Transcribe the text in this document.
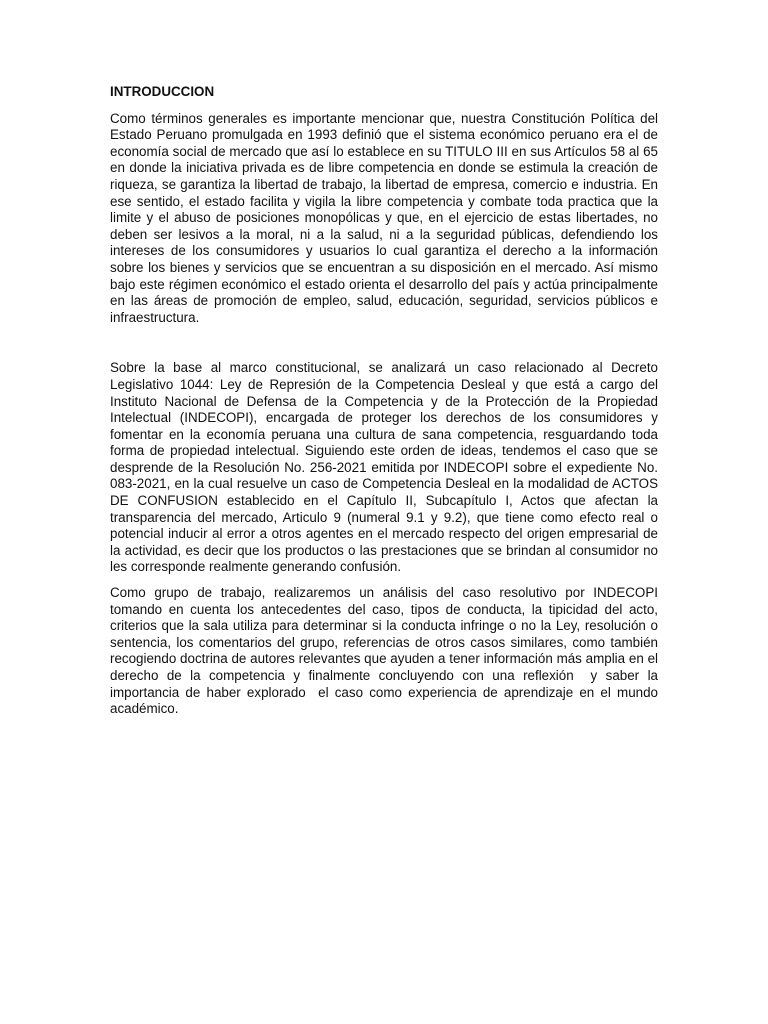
INTRODUCCION

Como términos generales es importante mencionar que, nuestra Constitución Política del Estado Peruano promulgada en 1993 definió que el sistema económico peruano era el de economía social de mercado que así lo establece en su TITULO III en sus Artículos 58 al 65 en donde la iniciativa privada es de libre competencia en donde se estimula la creación de riqueza, se garantiza la libertad de trabajo, la libertad de empresa, comercio e industria. En ese sentido, el estado facilita y vigila la libre competencia y combate toda practica que la limite y el abuso de posiciones monopólicas y que, en el ejercicio de estas libertades, no deben ser lesivos a la moral, ni a la salud, ni a la seguridad públicas, defendiendo los intereses de los consumidores y usuarios lo cual garantiza el derecho a la información sobre los bienes y servicios que se encuentran a su disposición en el mercado. Así mismo bajo este régimen económico el estado orienta el desarrollo del país y actúa principalmente en las áreas de promoción de empleo, salud, educación, seguridad, servicios públicos e infraestructura.

Sobre la base al marco constitucional, se analizará un caso relacionado al Decreto Legislativo 1044: Ley de Represión de la Competencia Desleal y que está a cargo del Instituto Nacional de Defensa de la Competencia y de la Protección de la Propiedad Intelectual (INDECOPI), encargada de proteger los derechos de los consumidores y fomentar en la economía peruana una cultura de sana competencia, resguardando toda forma de propiedad intelectual. Siguiendo este orden de ideas, tendemos el caso que se desprende de la Resolución No. 256-2021 emitida por INDECOPI sobre el expediente No. 083-2021, en la cual resuelve un caso de Competencia Desleal en la modalidad de ACTOS DE CONFUSION establecido en el Capítulo II, Subcapítulo I, Actos que afectan la transparencia del mercado, Articulo 9 (numeral 9.1 y 9.2), que tiene como efecto real o potencial inducir al error a otros agentes en el mercado respecto del origen empresarial de la actividad, es decir que los productos o las prestaciones que se brindan al consumidor no les corresponde realmente generando confusión.

Como grupo de trabajo, realizaremos un análisis del caso resolutivo por INDECOPI tomando en cuenta los antecedentes del caso, tipos de conducta, la tipicidad del acto, criterios que la sala utiliza para determinar si la conducta infringe o no la Ley, resolución o sentencia, los comentarios del grupo, referencias de otros casos similares, como también recogiendo doctrina de autores relevantes que ayuden a tener información más amplia en el derecho de la competencia y finalmente concluyendo con una reflexión  y saber la importancia de haber explorado  el caso como experiencia de aprendizaje en el mundo académico.
